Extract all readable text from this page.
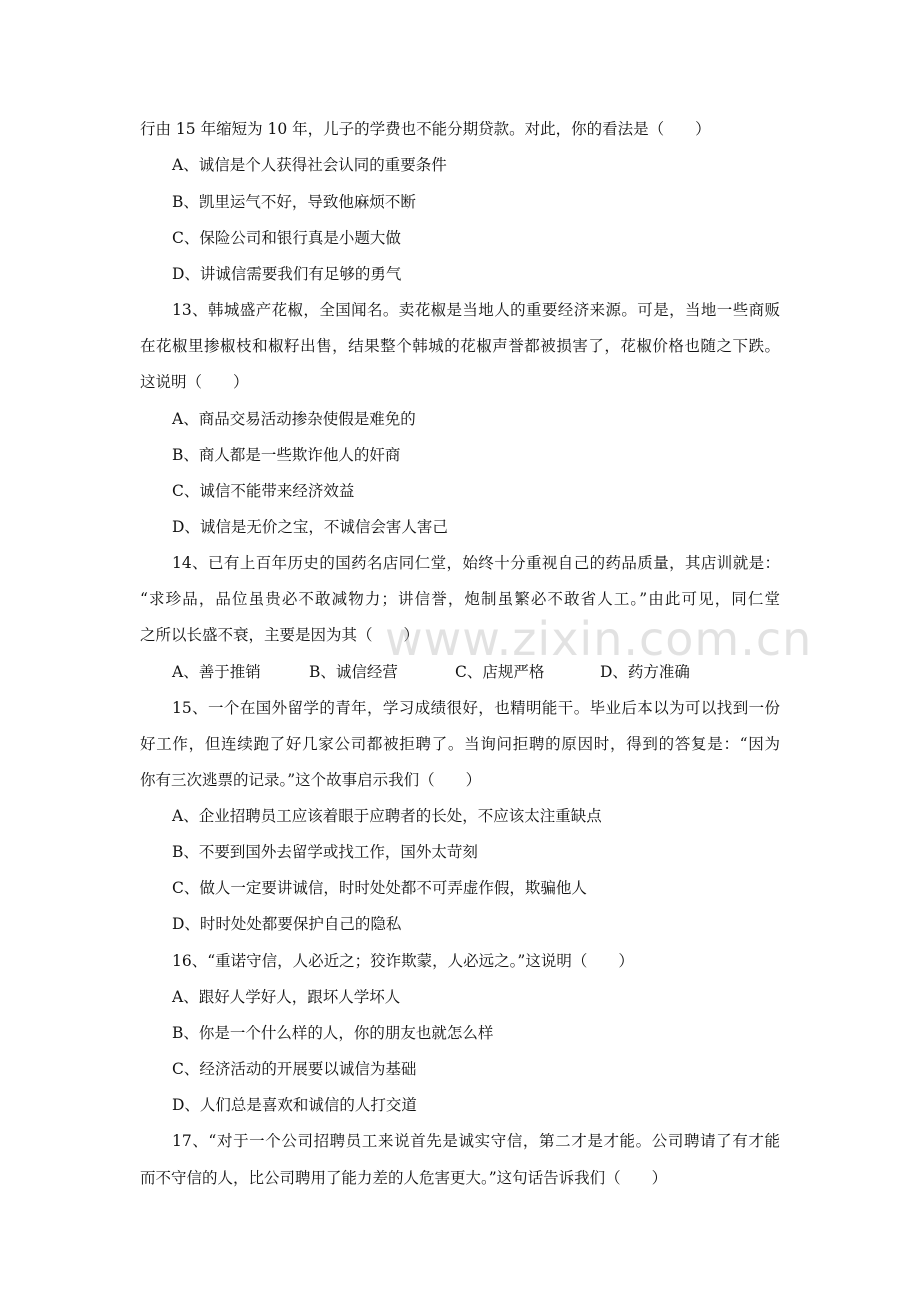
行由 15 年缩短为 10 年，儿子的学费也不能分期贷款。对此，你的看法是（　　）
A、诚信是个人获得社会认同的重要条件
B、凯里运气不好，导致他麻烦不断
C、保险公司和银行真是小题大做
D、讲诚信需要我们有足够的勇气
13、韩城盛产花椒，全国闻名。卖花椒是当地人的重要经济来源。可是，当地一些商贩
在花椒里掺椒枝和椒籽出售，结果整个韩城的花椒声誉都被损害了，花椒价格也随之下跌。
这说明（　　）
A、商品交易活动掺杂使假是难免的
B、商人都是一些欺诈他人的奸商
C、诚信不能带来经济效益
D、诚信是无价之宝，不诚信会害人害己
14、已有上百年历史的国药名店同仁堂，始终十分重视自己的药品质量，其店训就是：
“求珍品，品位虽贵必不敢减物力；讲信誉，炮制虽繁必不敢省人工。”由此可见，同仁堂
之所以长盛不衰，主要是因为其（　　）
A、善于推销	B、诚信经营	C、店规严格	D、药方准确
15、一个在国外留学的青年，学习成绩很好，也精明能干。毕业后本以为可以找到一份
好工作，但连续跑了好几家公司都被拒聘了。当询问拒聘的原因时，得到的答复是：“因为
你有三次逃票的记录。”这个故事启示我们（　　）
A、企业招聘员工应该着眼于应聘者的长处，不应该太注重缺点
B、不要到国外去留学或找工作，国外太苛刻
C、做人一定要讲诚信，时时处处都不可弄虚作假，欺骗他人
D、时时处处都要保护自己的隐私
16、“重诺守信，人必近之；狡诈欺蒙，人必远之。”这说明（　　）
A、跟好人学好人，跟坏人学坏人
B、你是一个什么样的人，你的朋友也就怎么样
C、经济活动的开展要以诚信为基础
D、人们总是喜欢和诚信的人打交道
17、“对于一个公司招聘员工来说首先是诚实守信，第二才是才能。公司聘请了有才能
而不守信的人，比公司聘用了能力差的人危害更大。”这句话告诉我们（　　）
www.zixin.com.cn
